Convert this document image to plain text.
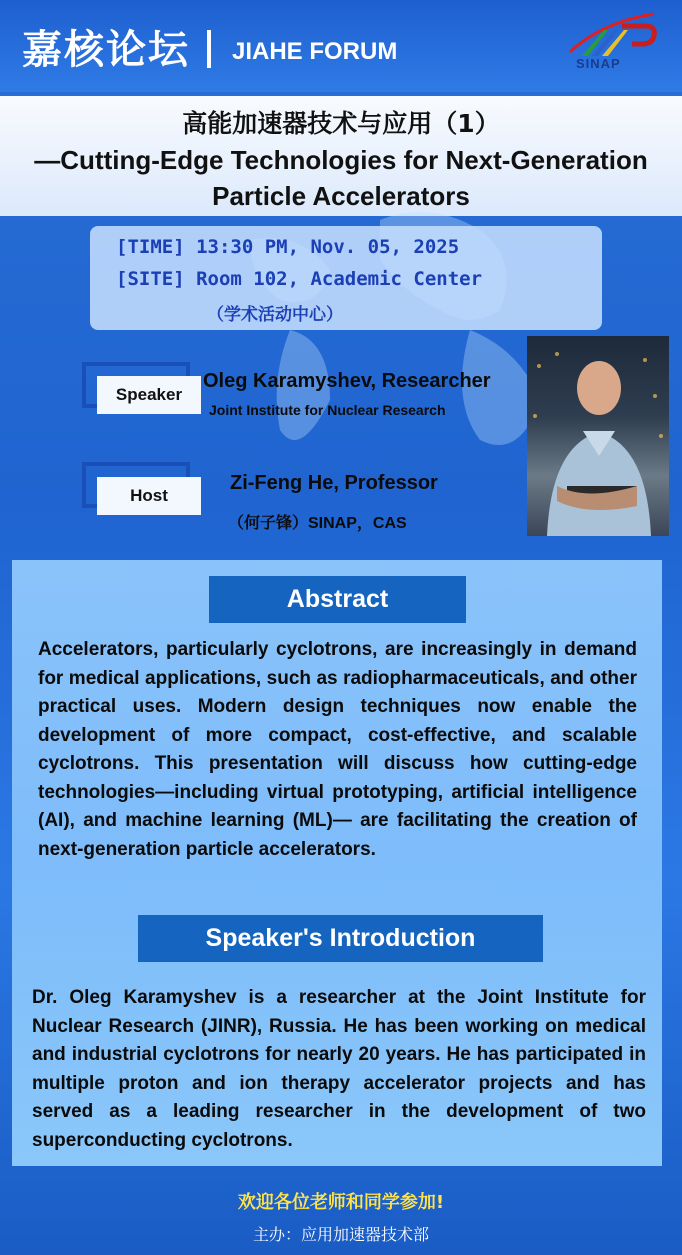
嘉核论坛 JIAHE FORUM	SINAP
高能加速器技术与应用（1）
—Cutting-Edge Technologies for Next-Generation
Particle Accelerators
[TIME] 13:30 PM, Nov. 05, 2025
[SITE] Room 102, Academic Center
（学术活动中心）
Speaker
Oleg Karamyshev, Researcher
Joint Institute for Nuclear Research
Host
Zi-Feng He, Professor
（何子锋）SINAP，CAS
Abstract
Accelerators, particularly cyclotrons, are increasingly in demand for medical applications, such as radiopharmaceuticals, and other practical uses. Modern design techniques now enable the development of more compact, cost-effective, and scalable cyclotrons. This presentation will discuss how cutting-edge technologies—including virtual prototyping, artificial intelligence (AI), and machine learning (ML)— are facilitating the creation of next-generation particle accelerators.
Speaker's Introduction
Dr. Oleg Karamyshev is a researcher at the Joint Institute for Nuclear Research (JINR), Russia. He has been working on medical and industrial cyclotrons for nearly 20 years. He has participated in multiple proton and ion therapy accelerator projects and has served as a leading researcher in the development of two superconducting cyclotrons.
欢迎各位老师和同学参加!
主办：应用加速器技术部
